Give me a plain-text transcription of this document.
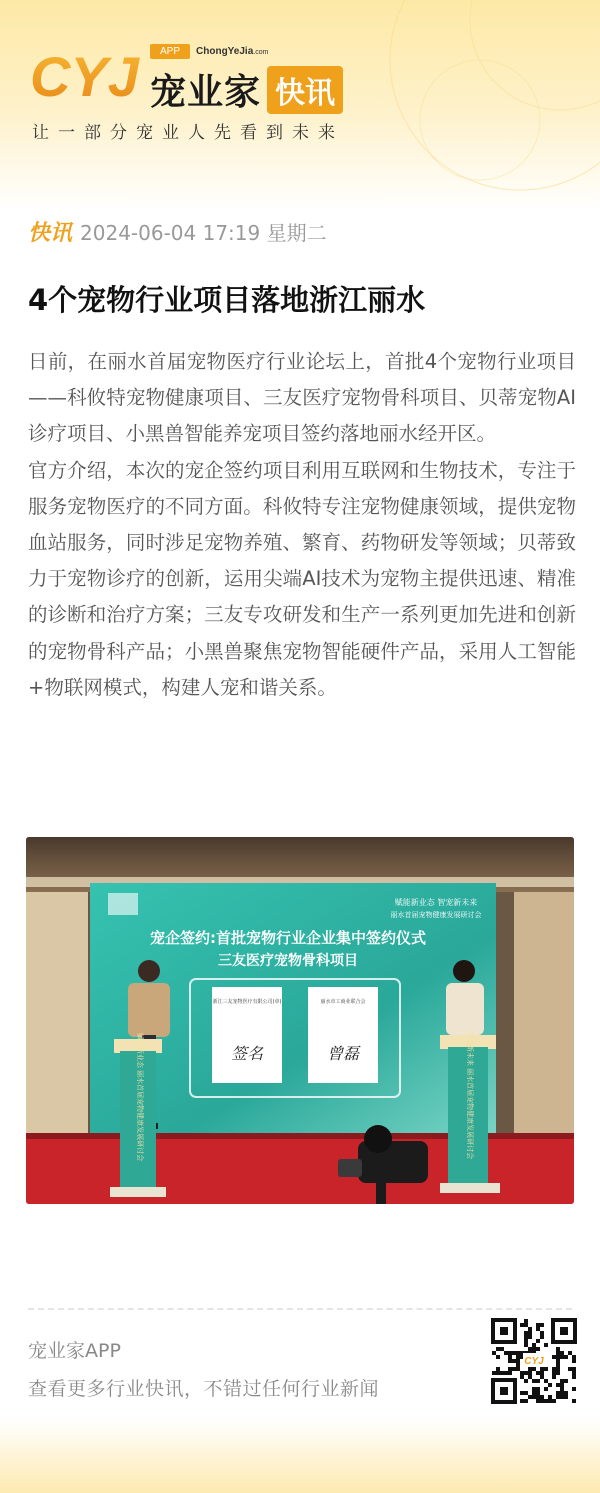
CYJ	APP	ChongYeJia.com
宠业家 快讯
让一部分宠业人先看到未来
快讯 2024-06-04 17:19 星期二
4个宠物行业项目落地浙江丽水

日前，在丽水首届宠物医疗行业论坛上，首批4个宠物行业项目——科攸特宠物健康项目、三友医疗宠物骨科项目、贝蒂宠物AI诊疗项目、小黑兽智能养宠项目签约落地丽水经开区。

官方介绍，本次的宠企签约项目利用互联网和生物技术，专注于服务宠物医疗的不同方面。科攸特专注宠物健康领域，提供宠物血站服务，同时涉足宠物养殖、繁育、药物研发等领域；贝蒂致力于宠物诊疗的创新，运用尖端AI技术为宠物主提供迅速、精准的诊断和治疗方案；三友专攻研发和生产一系列更加先进和创新的宠物骨科产品；小黑兽聚焦宠物智能硬件产品，采用人工智能+物联网模式，构建人宠和谐关系。

赋能新业态 智宠新未来
丽水首届宠物健康发展研讨会
宠企签约:首批宠物行业企业集中签约仪式
三友医疗宠物骨科项目
浙江三友宠物医疗有限公司(章)	丽水市工商业联合会
签名	曾磊
赋能新业态 丽水首届宠物健康发展研讨会	智宠新未来 丽水首届宠物健康发展研讨会
宠业家APP
查看更多行业快讯，不错过任何行业新闻
CYJ
